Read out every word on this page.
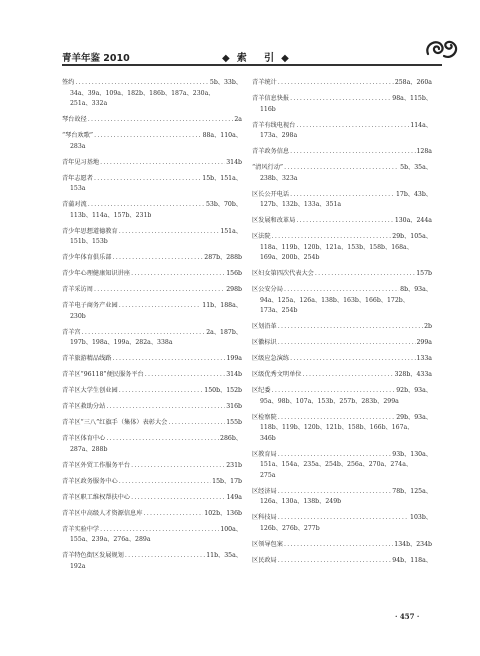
青羊年鉴 2010	◆索 引◆
签约 .....	5b、33b、
34a、39a、109a、182b、186b、187a、230a、
251a、332a
琴台故径 .....	2a
“琴台欢歌” .....	88a、110a、
283a
青年见习基地 .....	314b
青年志愿者 .....	15b、151a、
153a
青蒲对流 .....	53b、70b、
113b、114a、157b、231b
青少年思想道德教育 .....	151a、
151b、153b
青少年体育俱乐部 .....	287b、288b
青少年心理健康知识讲座 .....	156b
青羊采访周 .....	298b
青羊电子商务产业园 .....	11b、188a、
230b
青羊宫 .....	2a、187b、
197b、198a、199a、282a、338a
青羊旅游精品线路 .....	199a
青羊区“96118”便民服务平台 .....	314b
青羊区大学生创业园 .....	150b、152b
青羊区救助分站 .....	316b
青羊区“三八”红旗手（集体）表彰大会 .....	155b
青羊区体育中心 .....	286b、
287a、288b
青羊区外贸工作服务平台 .....	231b
青羊区政务服务中心 .....	15b、17b
青羊区职工维权帮扶中心 .....	149a
青羊区中高级人才资源信息库 .....	102b、136b
青羊实验中学 .....	100a、
155a、239a、276a、289a
青羊特色街区发展规划 .....	11b、35a、
192a
青羊统计 .....	258a、260a
青羊信息快报 .....	98a、115b、
116b
青羊有线电视台 .....	114a、
173a、298a
青羊政务信息 .....	128a
“清风行动” .....	5b、35a、
238b、323a
区长公开电话 .....	17b、43b、
127b、132b、133a、351a
区发展和改革局 .....	130a、244a
区法院 .....	29b、105a、
118a、119b、120b、121a、153b、158b、168a、
169a、200b、254b
区妇女第四次代表大会 .....	157b
区公安分局 .....	8b、93a、
94a、125a、126a、138b、163b、166b、172b、
173a、254b
区划沿革 .....	2b
区徽标识 .....	299a
区级应急演练 .....	133a
区级优秀文明单位 .....	328b、433a
区纪委 .....	92b、93a、
95a、98b、107a、153b、257b、283b、299a
区检察院 .....	29b、93a、
118b、119b、120b、121b、158b、166b、167a、
346b
区教育局 .....	93b、130a、
151a、154a、235a、254b、256a、270a、274a、
275a
区经济局 .....	78b、125a、
126a、130a、138b、249b
区科技局 .....	103b、
126b、276b、277b
区领导包案 .....	134b、234b
区民政局 .....	94b、118a、
· 457 ·
